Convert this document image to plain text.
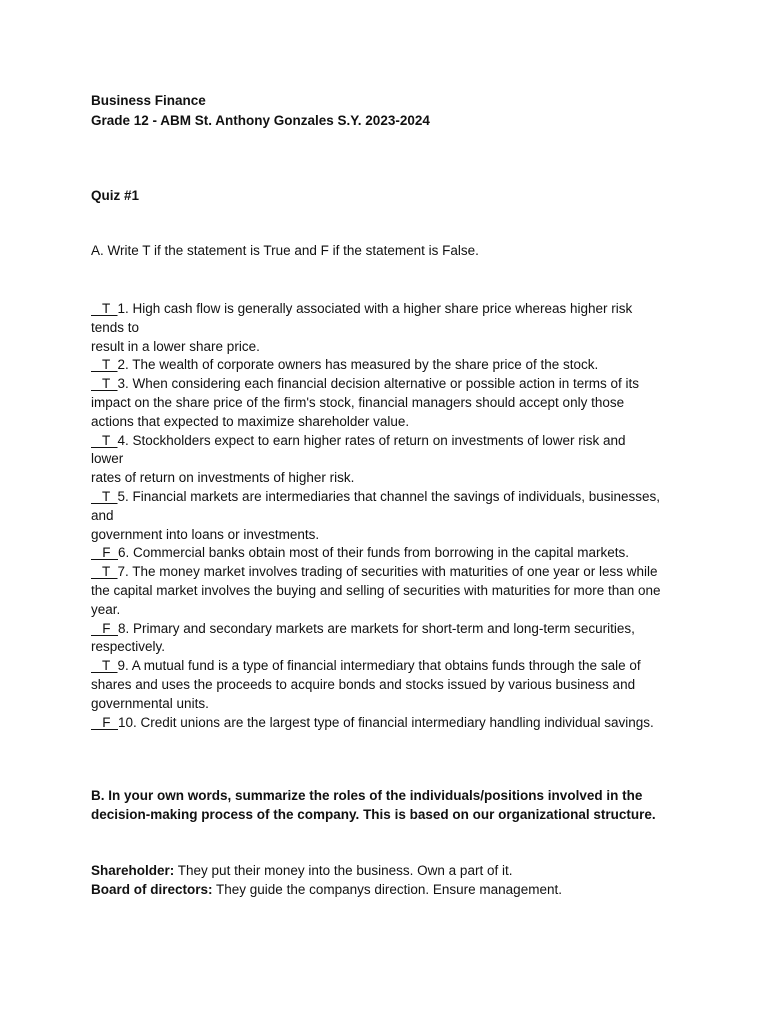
Business Finance
Grade 12 - ABM St. Anthony Gonzales S.Y. 2023-2024
Quiz #1
A. Write T if the statement is True and F if the statement is False.
T  1. High cash flow is generally associated with a higher share price whereas higher risk
tends to
result in a lower share price.
T  2. The wealth of corporate owners has measured by the share price of the stock.
T  3. When considering each financial decision alternative or possible action in terms of its
impact on the share price of the firm's stock, financial managers should accept only those
actions that expected to maximize shareholder value.
T  4. Stockholders expect to earn higher rates of return on investments of lower risk and
lower
rates of return on investments of higher risk.
T  5. Financial markets are intermediaries that channel the savings of individuals, businesses,
and
government into loans or investments.
F  6. Commercial banks obtain most of their funds from borrowing in the capital markets.
T  7. The money market involves trading of securities with maturities of one year or less while
the capital market involves the buying and selling of securities with maturities for more than one
year.
F  8. Primary and secondary markets are markets for short-term and long-term securities,
respectively.
T  9. A mutual fund is a type of financial intermediary that obtains funds through the sale of
shares and uses the proceeds to acquire bonds and stocks issued by various business and
governmental units.
F  10. Credit unions are the largest type of financial intermediary handling individual savings.
B. In your own words, summarize the roles of the individuals/positions involved in the
decision-making process of the company. This is based on our organizational structure.
Shareholder: They put their money into the business. Own a part of it.
Board of directors: They guide the companys direction. Ensure management.
